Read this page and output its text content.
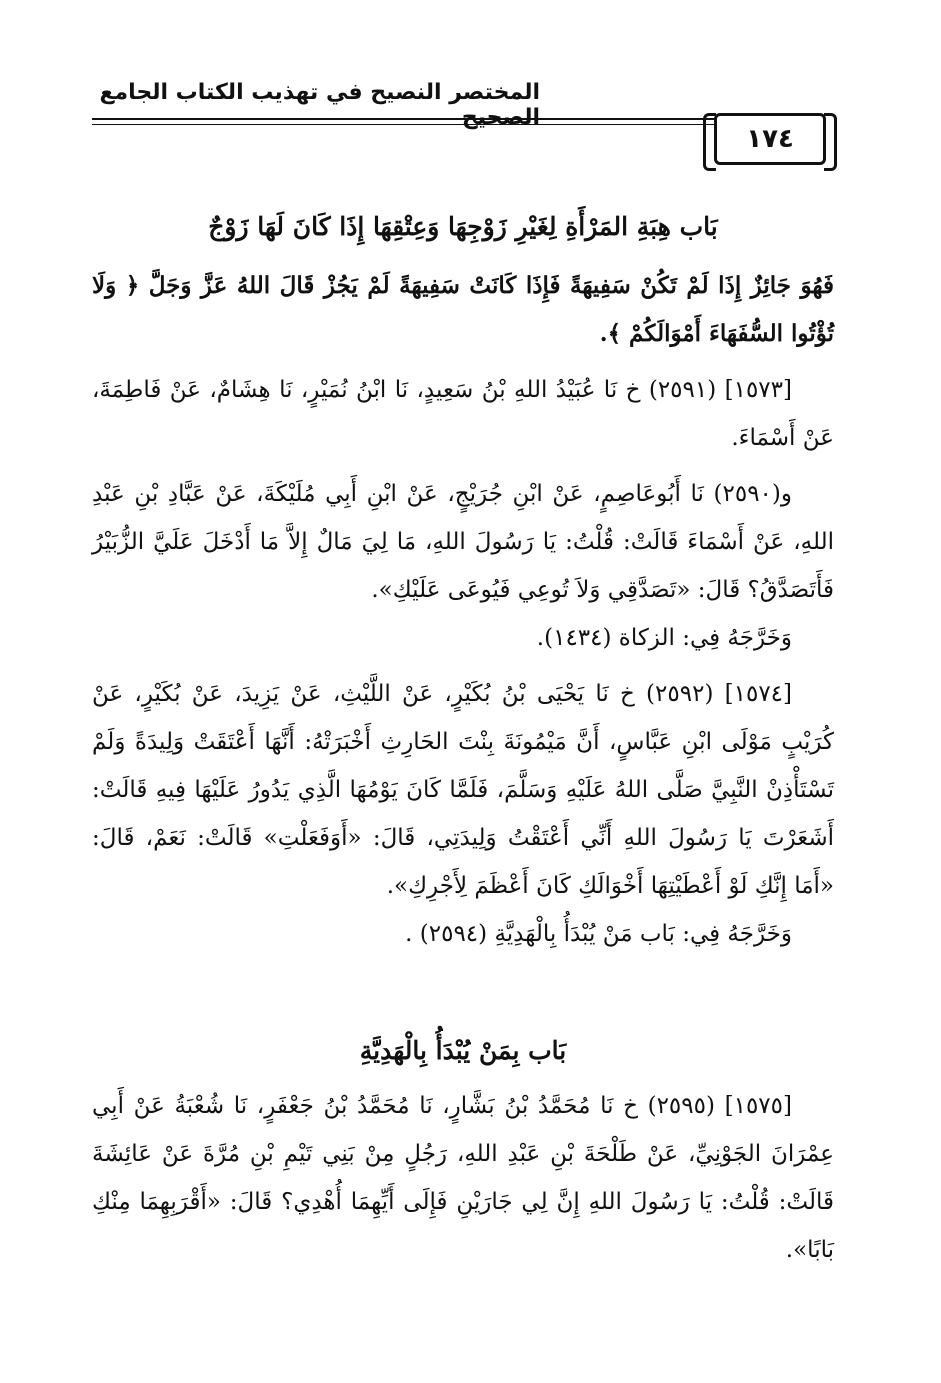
المختصر النصيح في تهذيب الكتاب الجامع الصحيح
١٧٤
بَاب هِبَةِ المَرْأَةِ لِغَيْرِ زَوْجِهَا وَعِتْقِهَا إِذَا كَانَ لَهَا زَوْجٌ

فَهُوَ جَائِزٌ إِذَا لَمْ تَكُنْ سَفِيهَةً فَإِذَا كَانَتْ سَفِيهَةً لَمْ يَجُزْ قَالَ اللهُ عَزَّ وَجَلَّ ﴿ وَلَا تُؤْتُوا السُّفَهَاءَ أَمْوَالَكُمْ ﴾.

[١٥٧٣] (٢٥٩١) خ نَا عُبَيْدُ اللهِ بْنُ سَعِيدٍ، نَا ابْنُ نُمَيْرٍ، نَا هِشَامٌ، عَنْ فَاطِمَةَ، عَنْ أَسْمَاءَ.

و(٢٥٩٠) نَا أَبُوعَاصِمٍ، عَنْ ابْنِ جُرَيْجٍ، عَنْ ابْنِ أَبِي مُلَيْكَةَ، عَنْ عَبَّادِ بْنِ عَبْدِ اللهِ، عَنْ أَسْمَاءَ قَالَتْ: قُلْتُ: يَا رَسُولَ اللهِ، مَا لِيَ مَالٌ إِلاَّ مَا أَدْخَلَ عَلَيَّ الزُّبَيْرُ فَأَتَصَدَّقُ؟ قَالَ: «تَصَدَّقِي وَلاَ تُوعِي فَيُوعَى عَلَيْكِ».

وَخَرَّجَهُ فِي: الزكاة (١٤٣٤).

[١٥٧٤] (٢٥٩٢) خ نَا يَحْيَى بْنُ بُكَيْرٍ، عَنْ اللَّيْثِ، عَنْ يَزِيدَ، عَنْ بُكَيْرٍ، عَنْ كُرَيْبٍ مَوْلَى ابْنِ عَبَّاسٍ، أَنَّ مَيْمُونَةَ بِنْتَ الحَارِثِ أَخْبَرَتْهُ: أَنَّهَا أَعْتَقَتْ وَلِيدَةً وَلَمْ تَسْتَأْذِنْ النَّبِيَّ صَلَّى اللهُ عَلَيْهِ وَسَلَّمَ، فَلَمَّا كَانَ يَوْمُهَا الَّذِي يَدُورُ عَلَيْهَا فِيهِ قَالَتْ: أَشَعَرْتَ يَا رَسُولَ اللهِ أَنِّي أَعْتَقْتُ وَلِيدَتِي، قَالَ: «أَوَفَعَلْتِ» قَالَتْ: نَعَمْ، قَالَ: «أَمَا إِنَّكِ لَوْ أَعْطَيْتِهَا أَخْوَالَكِ كَانَ أَعْظَمَ لِأَجْرِكِ».

وَخَرَّجَهُ فِي: بَاب مَنْ يُبْدَأُ بِالْهَدِيَّةِ (٢٥٩٤) .

بَاب بِمَنْ يُبْدَأُ بِالْهَدِيَّةِ

[١٥٧٥] (٢٥٩٥) خ نَا مُحَمَّدُ بْنُ بَشَّارٍ، نَا مُحَمَّدُ بْنُ جَعْفَرٍ، نَا شُعْبَةُ عَنْ أَبِي عِمْرَانَ الجَوْنِيِّ، عَنْ طَلْحَةَ بْنِ عَبْدِ اللهِ، رَجُلٍ مِنْ بَنِي تَيْمِ بْنِ مُرَّةَ عَنْ عَائِشَةَ قَالَتْ: قُلْتُ: يَا رَسُولَ اللهِ إِنَّ لِي جَارَيْنِ فَإِلَى أَيِّهِمَا أُهْدِي؟ قَالَ: «أَقْرَبِهِمَا مِنْكِ بَابًا».
